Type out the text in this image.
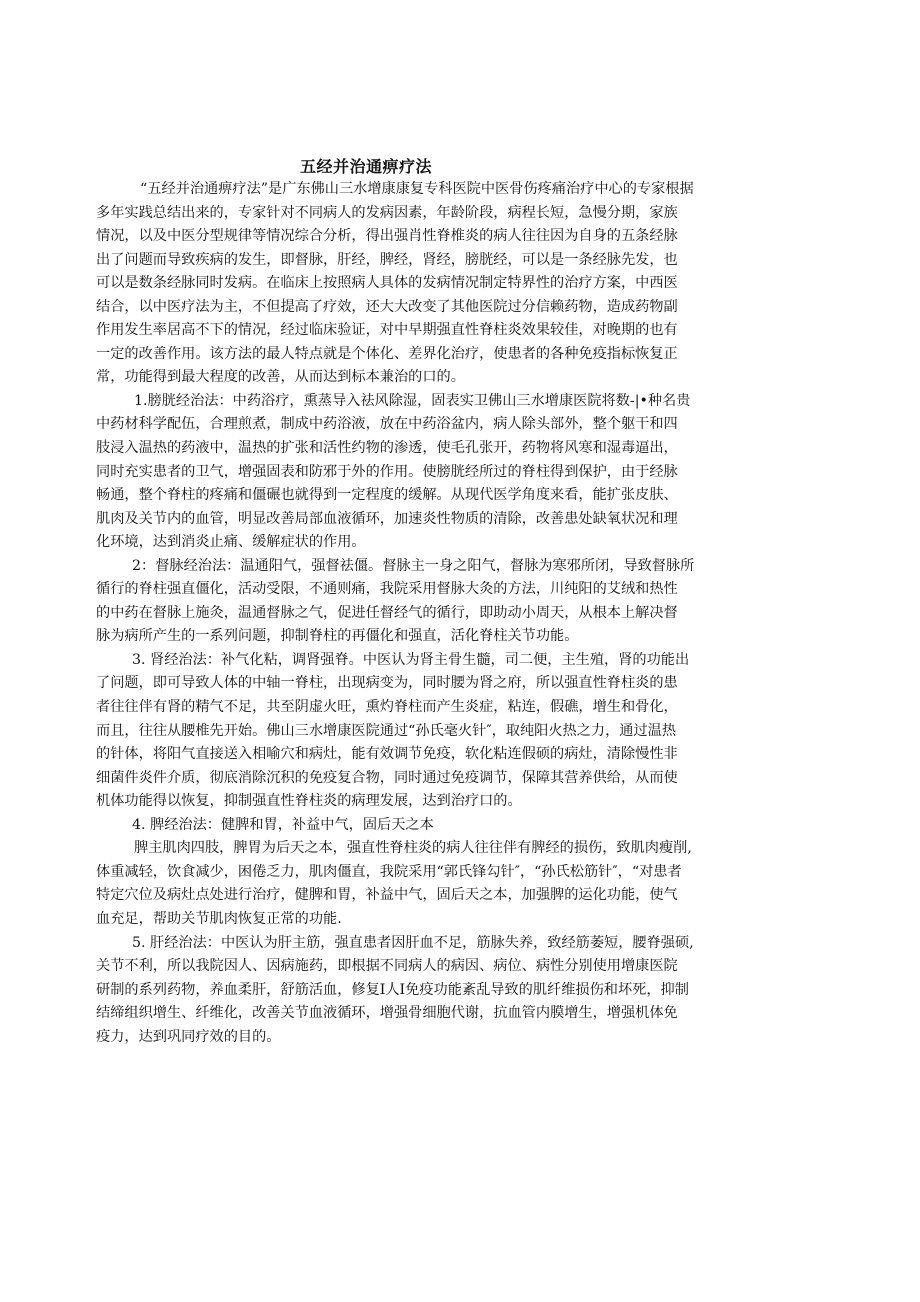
五经并治通痹疗法
“五经并治通痹疗法”是广东佛山三水增康康复专科医院中医骨伤疼痛治疗中心的专家根据
多年实践总结出来的，专家针对不同病人的发病因素，年龄阶段，病程长短，急慢分期，家族
情况，以及中医分型规律等情况综合分析，得出强肖性脊椎炎的病人往往因为自身的五条经脉
出了问题而导致疾病的发生，即督脉，肝经，脾经，肾经，膀胱经，可以是一条经脉先发，也
可以是数条经脉同时发病。在临床上按照病人具体的发病情况制定特界性的治疗方案，中西医
结合，以中医疗法为主，不但提高了疗效，还大大改变了其他医院过分信赖药物，造成药物副
作用发生率居高不下的情况，经过临床验证，对中早期强直性脊柱炎效果较佳，对晚期的也有
一定的改善作用。该方法的最人特点就是个体化、差界化治疗，使患者的各种免疫指标恢复正
常，功能得到最大程度的改善，从而达到标本兼治的口的。
1.膀胱经治法：中药浴疗，熏蒸导入祛风除湿，固表实卫佛山三水增康医院将数-|•种名贵
中药材科学配伍，合理煎煮，制成中药浴液，放在中药浴盆内，病人除头部外，整个躯干和四
肢浸入温热的药液中，温热的扩张和活性约物的渗透，使毛孔张开，药物将风寒和湿毒逼出，
同时充实患者的卫气，增强固表和防邪于外的作用。使膀胱经所过的脊柱得到保护，由于经脉
畅通，整个脊柱的疼痛和僵碾也就得到一定程度的缓解。从现代医学角度来看，能扩张皮肤、
肌肉及关节内的血管，明显改善局部血液循环，加速炎性物质的清除，改善患处缺氧状况和理
化环境，达到消炎止痛、缓解症状的作用。
2：督脉经治法：温通阳气，强督祛僵。督脉主一身之阳气，督脉为寒邪所闭，导致督脉所
循行的脊柱强直僵化，活动受限，不通则痛，我院采用督脉大灸的方法，川纯阳的艾绒和热性
的中药在督脉上施灸，温通督脉之气，促进任督经气的循行，即助动小周天，从根本上解决督
脉为病所产生的一系列问题，抑制脊柱的再僵化和强直，活化脊柱关节功能。
3. 肾经治法：补气化粘，调肾强脊。中医认为肾主骨生髓，司二便，主生殖，肾的功能出
了问题，即可导致人体的中轴一脊柱，出现病变为，同时腰为肾之府，所以强直性脊柱炎的患
者往往伴有肾的精气不足，共至阴虚火旺，熏灼脊柱而产生炎症，粘连，假礁，增生和骨化，
而且，往往从腰椎先开始。佛山三水增康医院通过“孙氏毫火针″，取纯阳火热之力，通过温热
的针体，将阳气直接送入相喻穴和病灶，能有效调节免疫，软化粘连假硕的病灶，清除慢性非
细菌件炎件介质，彻底消除沉积的免疫复合物，同时通过免疫调节，保障其营养供给，从而使
机体功能得以恢复，抑制强直性脊柱炎的病理发展，达到治疗口的。
4. 脾经治法：健脾和胃，补益中气，固后天之本
脾主肌肉四肢，脾胃为后天之本，强直性脊柱炎的病人往往伴有脾经的损伤，致肌肉瘦削,
体重减轻，饮食减少，困倦乏力，肌肉僵直，我院采用“郭氏锋勾针″，“孙氏松筋针″，“对患者
特定穴位及病灶点处进行治疗，健脾和胃，补益中气，固后天之本，加强脾的运化功能，使气
血充足，帮助关节肌肉恢复正常的功能.
5. 肝经治法：中医认为肝主筋，强直患者因肝血不足，筋脉失养，致经筋萎短，腰脊强硕,
关节不利，所以我院因人、因病施药，即根据不同病人的病因、病位、病性分别使用增康医院
研制的系列药物，养血柔肝，舒筋活血，修复I人I免疫功能紊乱导致的肌纤维损伤和坏死，抑制
结缔组织增生、纤维化，改善关节血液循环，增强骨细胞代谢，抗血管内膜增生，增强机体免
疫力，达到巩同疗效的目的。
